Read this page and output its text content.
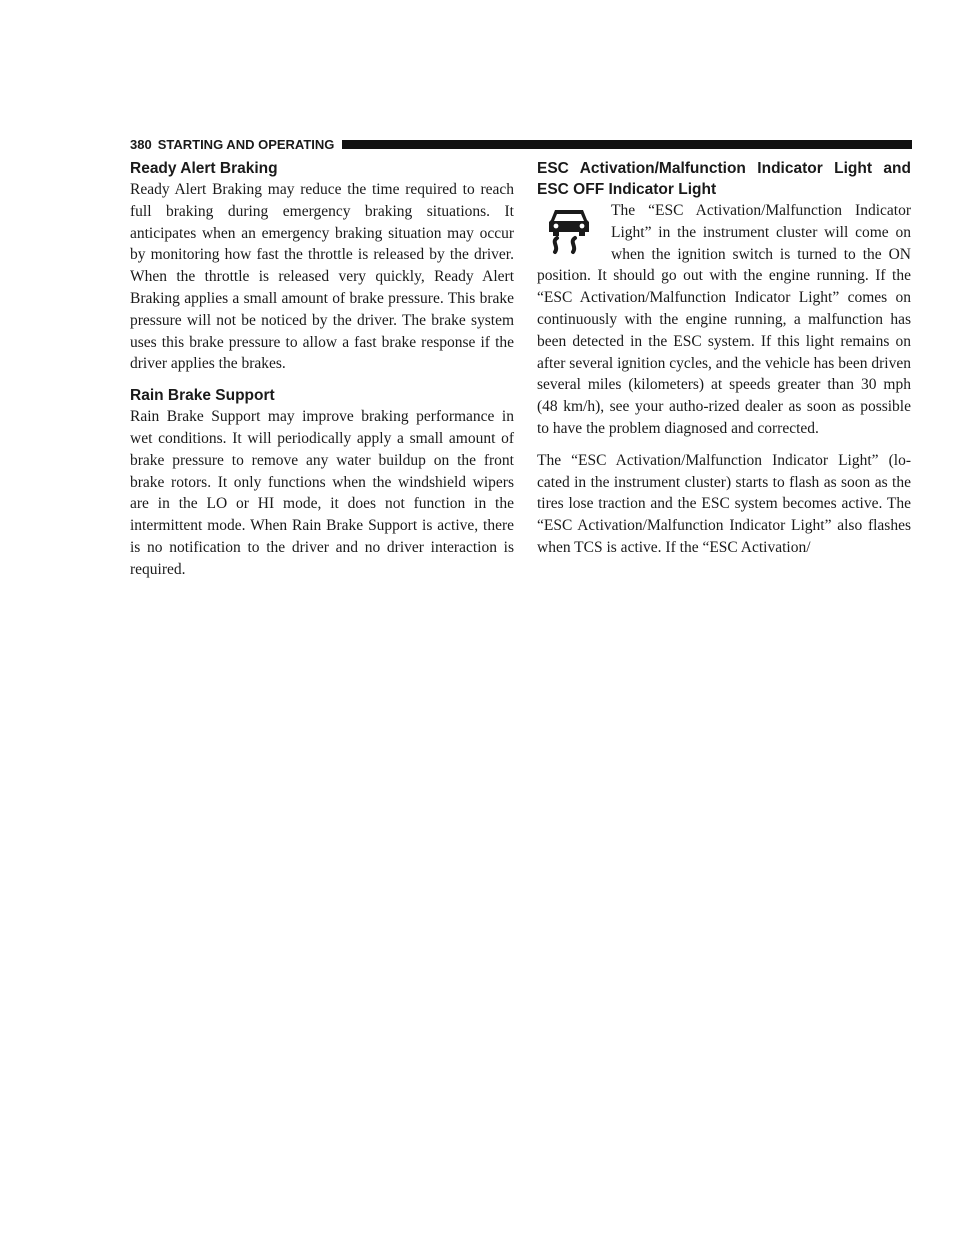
380 STARTING AND OPERATING
Ready Alert Braking

Ready Alert Braking may reduce the time required to reach full braking during emergency braking situations. It anticipates when an emergency braking situation may occur by monitoring how fast the throttle is released by the driver. When the throttle is released very quickly, Ready Alert Braking applies a small amount of brake pressure. This brake pressure will not be noticed by the driver. The brake system uses this brake pressure to allow a fast brake response if the driver applies the brakes.

Rain Brake Support

Rain Brake Support may improve braking performance in wet conditions. It will periodically apply a small amount of brake pressure to remove any water buildup on the front brake rotors. It only functions when the windshield wipers are in the LO or HI mode, it does not function in the intermittent mode. When Rain Brake Support is active, there is no notification to the driver and no driver interaction is required.

ESC Activation/Malfunction Indicator Light and ESC OFF Indicator Light

The “ESC Activation/Malfunction Indicator Light” in the instrument cluster will come on when the ignition switch is turned to the ON position. It should go out with the engine running. If the “ESC Activation/Malfunction Indicator Light” comes on continuously with the engine running, a malfunction has been detected in the ESC system. If this light remains on after several ignition cycles, and the vehicle has been driven several miles (kilometers) at speeds greater than 30 mph (48 km/h), see your autho-rized dealer as soon as possible to have the problem diagnosed and corrected.

The “ESC Activation/Malfunction Indicator Light” (lo-cated in the instrument cluster) starts to flash as soon as the tires lose traction and the ESC system becomes active. The “ESC Activation/Malfunction Indicator Light” also flashes when TCS is active. If the “ESC Activation/
